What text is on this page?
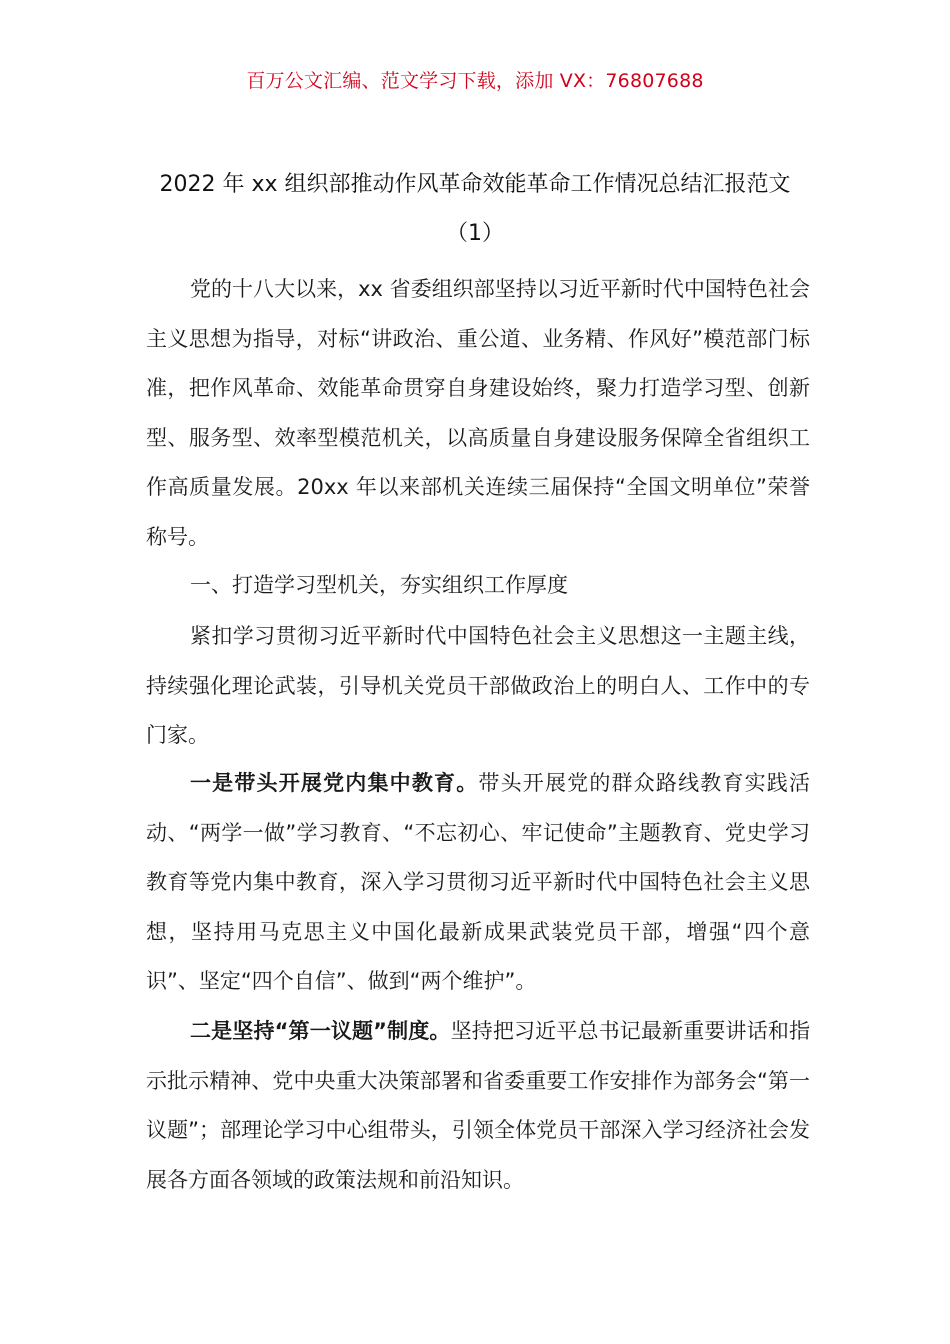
百万公文汇编、范文学习下载，添加 VX：76807688
2022 年 xx 组织部推动作风革命效能革命工作情况总结汇报范文
（1）

党的十八大以来，xx 省委组织部坚持以习近平新时代中国特色社会主义思想为指导，对标“讲政治、重公道、业务精、作风好”模范部门标准，把作风革命、效能革命贯穿自身建设始终，聚力打造学习型、创新型、服务型、效率型模范机关，以高质量自身建设服务保障全省组织工作高质量发展。20xx 年以来部机关连续三届保持“全国文明单位”荣誉称号。

一、打造学习型机关，夯实组织工作厚度

紧扣学习贯彻习近平新时代中国特色社会主义思想这一主题主线，持续强化理论武装，引导机关党员干部做政治上的明白人、工作中的专门家。

一是带头开展党内集中教育。带头开展党的群众路线教育实践活动、“两学一做”学习教育、“不忘初心、牢记使命”主题教育、党史学习教育等党内集中教育，深入学习贯彻习近平新时代中国特色社会主义思想，坚持用马克思主义中国化最新成果武装党员干部，增强“四个意识”、坚定“四个自信”、做到“两个维护”。

二是坚持“第一议题”制度。坚持把习近平总书记最新重要讲话和指示批示精神、党中央重大决策部署和省委重要工作安排作为部务会“第一议题”；部理论学习中心组带头，引领全体党员干部深入学习经济社会发展各方面各领域的政策法规和前沿知识。
